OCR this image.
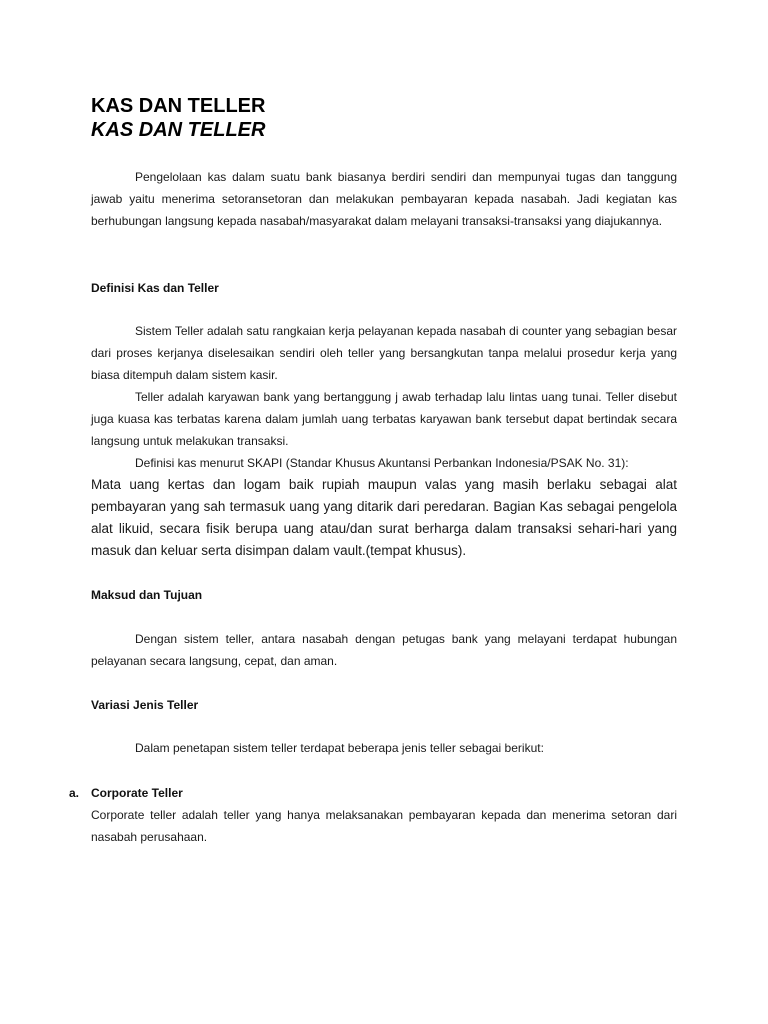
KAS DAN TELLER
KAS DAN TELLER

Pengelolaan kas dalam suatu bank biasanya berdiri sendiri dan mempunyai tugas dan tanggung jawab yaitu menerima setoransetoran dan melakukan pembayaran kepada nasabah. Jadi kegiatan kas berhubungan langsung kepada nasabah/masyarakat dalam melayani transaksi-transaksi yang diajukannya.

Definisi Kas dan Teller

Sistem Teller adalah satu rangkaian kerja pelayanan kepada nasabah di counter yang sebagian besar dari proses kerjanya diselesaikan sendiri oleh teller yang bersangkutan tanpa melalui prosedur kerja yang biasa ditempuh dalam sistem kasir.

Teller adalah karyawan bank yang bertanggung j awab terhadap lalu lintas uang tunai. Teller disebut juga kuasa kas terbatas karena dalam jumlah uang terbatas karyawan bank tersebut dapat bertindak secara langsung untuk melakukan transaksi.

Definisi kas menurut SKAPI (Standar Khusus Akuntansi Perbankan Indonesia/PSAK No. 31):

Mata uang kertas dan logam baik rupiah maupun valas yang masih berlaku sebagai alat pembayaran yang sah termasuk uang yang ditarik dari peredaran. Bagian Kas sebagai pengelola alat likuid, secara fisik berupa uang atau/dan surat berharga dalam transaksi sehari-hari yang masuk dan keluar serta disimpan dalam vault.(tempat khusus).

Maksud dan Tujuan

Dengan sistem teller, antara nasabah dengan petugas bank yang melayani terdapat hubungan pelayanan secara langsung, cepat, dan aman.

Variasi Jenis Teller

Dalam penetapan sistem teller terdapat beberapa jenis teller sebagai berikut:

a. Corporate Teller

Corporate teller adalah teller yang hanya melaksanakan pembayaran kepada dan menerima setoran dari nasabah perusahaan.
